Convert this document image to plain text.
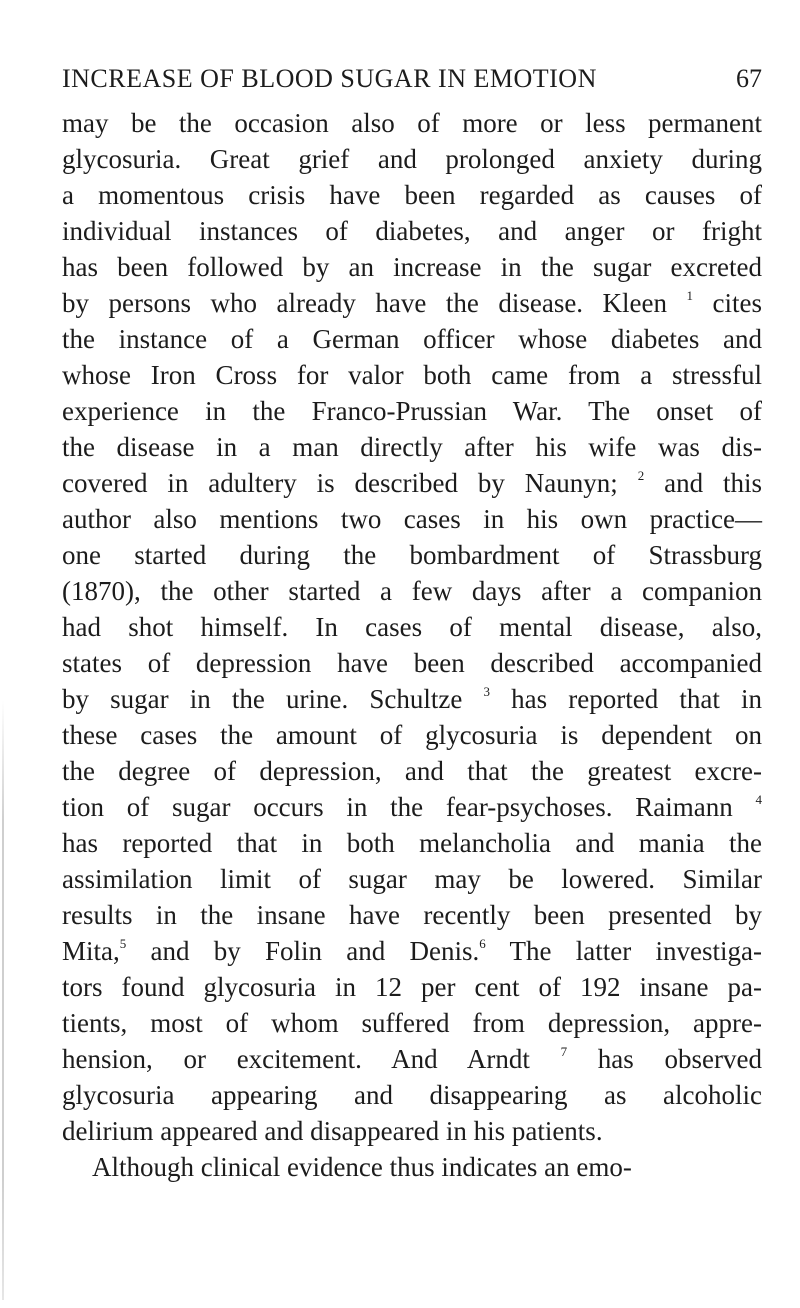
INCREASE OF BLOOD SUGAR IN EMOTION	67
may be the occasion also of more or less permanent
glycosuria. Great grief and prolonged anxiety during
a momentous crisis have been regarded as causes of
individual instances of diabetes, and anger or fright
has been followed by an increase in the sugar excreted
by persons who already have the disease. Kleen $^1$ cites
the instance of a German officer whose diabetes and
whose Iron Cross for valor both came from a stressful
experience in the Franco-Prussian War. The onset of
the disease in a man directly after his wife was dis-
covered in adultery is described by Naunyn; $^2$ and this
author also mentions two cases in his own practice—
one started during the bombardment of Strassburg
(1870), the other started a few days after a companion
had shot himself. In cases of mental disease, also,
states of depression have been described accompanied
by sugar in the urine. Schultze $^3$ has reported that in
these cases the amount of glycosuria is dependent on
the degree of depression, and that the greatest excre-
tion of sugar occurs in the fear-psychoses. Raimann $^4$
has reported that in both melancholia and mania the
assimilation limit of sugar may be lowered. Similar
results in the insane have recently been presented by
Mita,$^5$ and by Folin and Denis.$^6$ The latter investiga-
tors found glycosuria in 12 per cent of 192 insane pa-
tients, most of whom suffered from depression, appre-
hension, or excitement. And Arndt $^7$ has observed
glycosuria appearing and disappearing as alcoholic
delirium appeared and disappeared in his patients.
Although clinical evidence thus indicates an emo-
